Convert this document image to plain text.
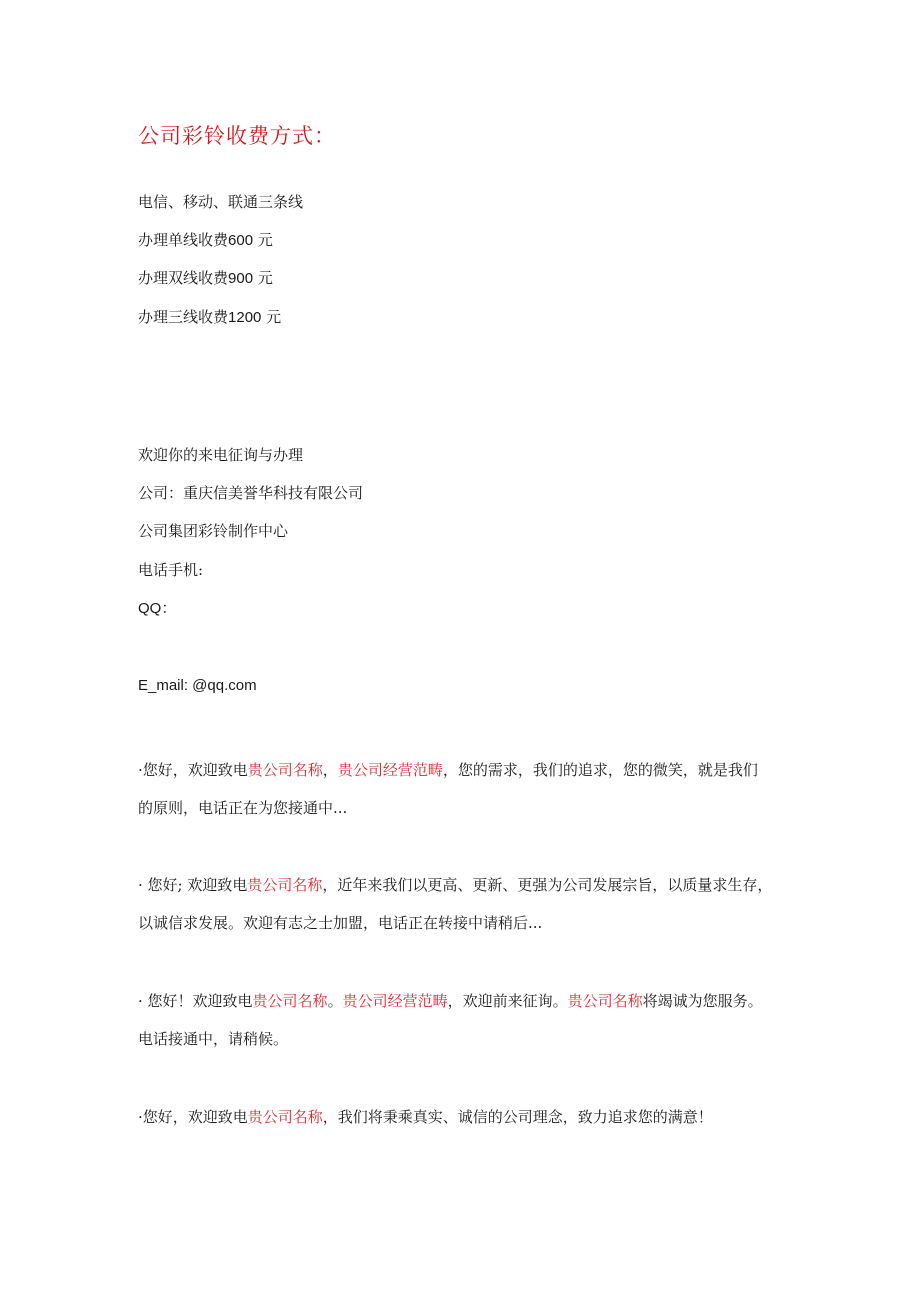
公司彩铃收费方式：
电信、移动、联通三条线
办理单线收费600 元
办理双线收费900 元
办理三线收费1200 元
欢迎你的来电征询与办理
公司：重庆信美誉华科技有限公司
公司集团彩铃制作中心
电话手机:
QQ：
E_mail: @qq.com
·您好，欢迎致电贵公司名称，贵公司经营范畴，您的需求，我们的追求，您的微笑，就是我们
的原则，电话正在为您接通中...
· 您好; 欢迎致电贵公司名称，近年来我们以更高、更新、更强为公司发展宗旨，以质量求生存，
以诚信求发展。欢迎有志之士加盟，电话正在转接中请稍后...
· 您好！欢迎致电贵公司名称。贵公司经营范畴，欢迎前来征询。贵公司名称将竭诚为您服务。
电话接通中，请稍候。
·您好，欢迎致电贵公司名称，我们将秉乘真实、诚信的公司理念，致力追求您的满意！
